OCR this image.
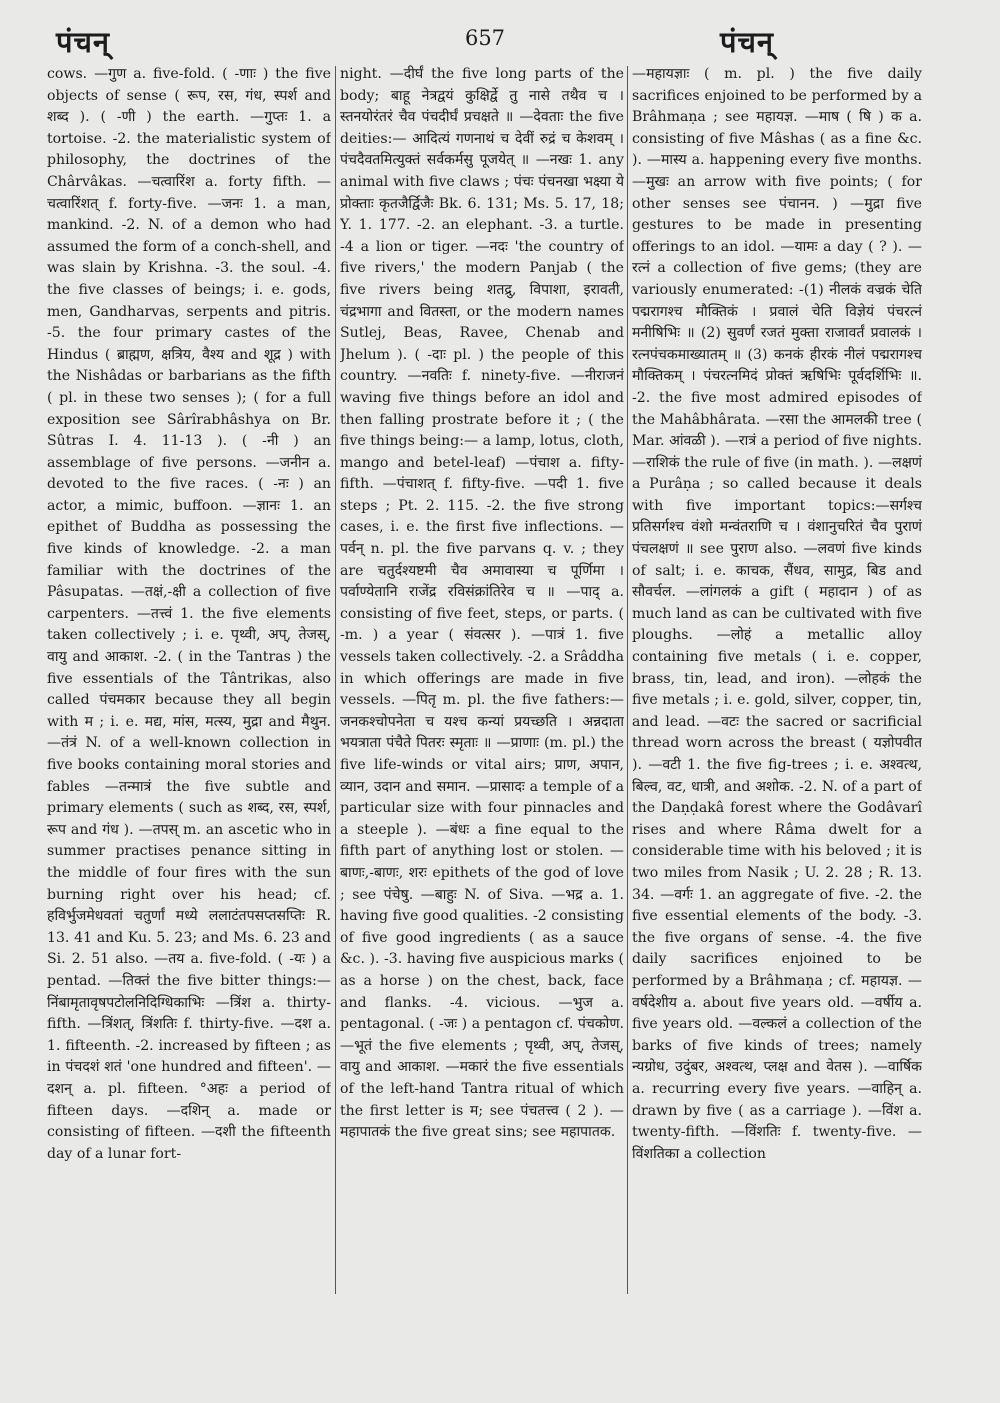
पंचन्	657	पंचन्

cows. —गुण a. five-fold. ( -णाः ) the five objects of sense ( रूप, रस, गंध, स्पर्श and शब्द ). ( -णी ) the earth. —गुप्तः 1. a tortoise. -2. the materialistic system of philosophy, the doctrines of the Chârvâkas. —चत्वारिंश a. forty fifth. —चत्वारिंशत् f. forty-five. —जनः 1. a man, mankind. -2. N. of a demon who had assumed the form of a conch-shell, and was slain by Krishna. -3. the soul. -4. the five classes of beings; i. e. gods, men, Gandharvas, serpents and pitris. -5. the four primary castes of the Hindus ( ब्राह्मण, क्षत्रिय, वैश्य and शूद्र ) with the Nishâdas or barbarians as the fifth ( pl. in these two senses ); ( for a full exposition see Sârîrabhâshya on Br. Sûtras I. 4. 11-13 ). ( -नी ) an assemblage of five persons. —जनीन a. devoted to the five races. ( -नः ) an actor, a mimic, buffoon. —ज्ञानः 1. an epithet of Buddha as possessing the five kinds of knowledge. -2. a man familiar with the doctrines of the Pâsupatas. —तक्षं,-क्षी a collection of five carpenters. —तत्त्वं 1. the five elements taken collectively ; i. e. पृथ्वी, अप्, तेजस्, वायु and आकाश. -2. ( in the Tantras ) the five essentials of the Tântrikas, also called पंचमकार because they all begin with म ; i. e. मद्य, मांस, मत्स्य, मुद्रा and मैथुन. —तंत्रं N. of a well-known collection in five books containing moral stories and fables —तन्मात्रं the five subtle and primary elements ( such as शब्द, रस, स्पर्श, रूप and गंध ). —तपस् m. an ascetic who in summer practises penance sitting in the middle of four fires with the sun burning right over his head; cf. हविर्भुजमेधवतां चतुर्णां मध्ये ललाटंतपसप्तसप्तिः R. 13. 41 and Ku. 5. 23; and Ms. 6. 23 and Si. 2. 51 also. —तय a. five-fold. ( -यः ) a pentad. —तिक्तं the five bitter things:— निंबामृतावृषपटोलनिदिग्धिकाभिः —त्रिंश a. thirty-fifth. —त्रिंशत्, त्रिंशतिः f. thirty-five. —दश a. 1. fifteenth. -2. increased by fifteen ; as in पंचदशं शतं 'one hundred and fifteen'. —दशन् a. pl. fifteen. °अहः a period of fifteen days. —दशिन् a. made or consisting of fifteen. —दशी the fifteenth day of a lunar fort-

night. —दीर्घं the five long parts of the body; बाहू नेत्रद्वयं कुक्षिर्द्वे तु नासे तथैव च । स्तनयोरंतरं चैव पंचदीर्घं प्रचक्षते ॥ —देवताः the five deities:— आदित्यं गणनाथं च देवीं रुद्रं च केशवम् । पंचदैवतमित्युक्तं सर्वकर्मसु पूजयेत् ॥ —नखः 1. any animal with five claws ; पंचः पंचनखा भक्ष्या ये प्रोक्ताः कृतजैर्द्विजैः Bk. 6. 131; Ms. 5. 17, 18; Y. 1. 177. -2. an elephant. -3. a turtle. -4 a lion or tiger. —नदः 'the country of five rivers,' the modern Panjab ( the five rivers being शतद्रु, विपाशा, इरावती, चंद्रभागा and वितस्ता, or the modern names Sutlej, Beas, Ravee, Chenab and Jhelum ). ( -दाः pl. ) the people of this country. —नवतिः f. ninety-five. —नीराजनं waving five things before an idol and then falling prostrate before it ; ( the five things being:— a lamp, lotus, cloth, mango and betel-leaf) —पंचाश a. fifty-fifth. —पंचाशत् f. fifty-five. —पदी 1. five steps ; Pt. 2. 115. -2. the five strong cases, i. e. the first five inflections. —पर्वन् n. pl. the five parvans q. v. ; they are चतुर्दश्यष्टमी चैव अमावास्या च पूर्णिमा । पर्वाण्येतानि राजेंद्र रविसंक्रांतिरेव च ॥ —पाद् a. consisting of five feet, steps, or parts. ( -m. ) a year ( संवत्सर ). —पात्रं 1. five vessels taken collectively. -2. a Srâddha in which offerings are made in five vessels. —पितृ m. pl. the five fathers:— जनकश्चोपनेता च यश्च कन्यां प्रयच्छति । अन्नदाता भयत्राता पंचैते पितरः स्मृताः ॥ —प्राणाः (m. pl.) the five life-winds or vital airs; प्राण, अपान, व्यान, उदान and समान. —प्रासादः a temple of a particular size with four pinnacles and a steeple ). —बंधः a fine equal to the fifth part of anything lost or stolen. —बाणः,-बाणः, शरः epithets of the god of love ; see पंचेषु. —बाहुः N. of Siva. —भद्र a. 1. having five good qualities. -2 consisting of five good ingredients ( as a sauce &c. ). -3. having five auspicious marks ( as a horse ) on the chest, back, face and flanks. -4. vicious. —भुज a. pentagonal. ( -जः ) a pentagon cf. पंचकोण. —भूतं the five elements ; पृथ्वी, अप्, तेजस्, वायु and आकाश. —मकारं the five essentials of the left-hand Tantra ritual of which the first letter is म; see पंचतत्त्व ( 2 ). —महापातकं the five great sins; see महापातक.

—महायज्ञाः ( m. pl. ) the five daily sacrifices enjoined to be performed by a Brâhmaṇa ; see महायज्ञ. —माष ( षि ) क a. consisting of five Mâshas ( as a fine &c. ). —मास्य a. happening every five months. —मुखः an arrow with five points; ( for other senses see पंचानन. ) —मुद्रा five gestures to be made in presenting offerings to an idol. —यामः a day ( ? ). —रत्नं a collection of five gems; (they are variously enumerated: -(1) नीलकं वज्रकं चेति पद्मरागश्च मौक्तिकं । प्रवालं चेति विज्ञेयं पंचरत्नं मनीषिभिः ॥ (2) सुवर्णं रजतं मुक्ता राजावर्तं प्रवालकं । रत्नपंचकमाख्यातम् ॥ (3) कनकं हीरकं नीलं पद्मरागश्च मौक्तिकम् । पंचरत्नमिदं प्रोक्तं ऋषिभिः पूर्वदर्शिभिः ॥. -2. the five most admired episodes of the Mahâbhârata. —रसा the आमलकी tree ( Mar. आंवळी ). —रात्रं a period of five nights. —राशिकं the rule of five (in math. ). —लक्षणं a Purâṇa ; so called because it deals with five important topics:—सर्गश्च प्रतिसर्गश्च वंशो मन्वंतराणि च । वंशानुचरितं चैव पुराणं पंचलक्षणं ॥ see पुराण also. —लवणं five kinds of salt; i. e. काचक, सैंधव, सामुद्र, बिड and सौवर्चल. —लांगलकं a gift ( महादान ) of as much land as can be cultivated with five ploughs. —लोहं a metallic alloy containing five metals ( i. e. copper, brass, tin, lead, and iron). —लोहकं the five metals ; i. e. gold, silver, copper, tin, and lead. —वटः the sacred or sacrificial thread worn across the breast ( यज्ञोपवीत ). —वटी 1. the five fig-trees ; i. e. अश्वत्थ, बिल्व, वट, धात्री, and अशोक. -2. N. of a part of the Daṇḍakâ forest where the Godâvarî rises and where Râma dwelt for a considerable time with his beloved ; it is two miles from Nasik ; U. 2. 28 ; R. 13. 34. —वर्गः 1. an aggregate of five. -2. the five essential elements of the body. -3. the five organs of sense. -4. the five daily sacrifices enjoined to be performed by a Brâhmaṇa ; cf. महायज्ञ. —वर्षदेशीय a. about five years old. —वर्षीय a. five years old. —वल्कलं a collection of the barks of five kinds of trees; namely न्यग्रोध, उदुंबर, अश्वत्थ, प्लक्ष and वेतस ). —वार्षिक a. recurring every five years. —वाहिन् a. drawn by five ( as a carriage ). —विंश a. twenty-fifth. —विंशतिः f. twenty-five. —विंशतिका a collection
